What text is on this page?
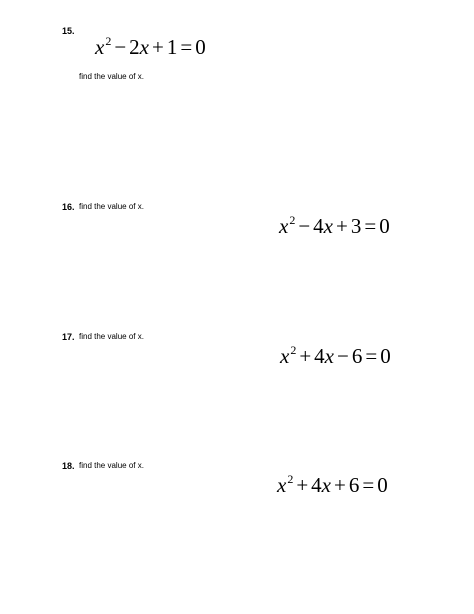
15.
$x^2 - 2x + 1 = 0$
find the value of x.
16. find the value of x.
$x^2 - 4x + 3 = 0$
17. find the value of x.
$x^2 + 4x - 6 = 0$
18. find the value of x.
$x^2 + 4x + 6 = 0$
